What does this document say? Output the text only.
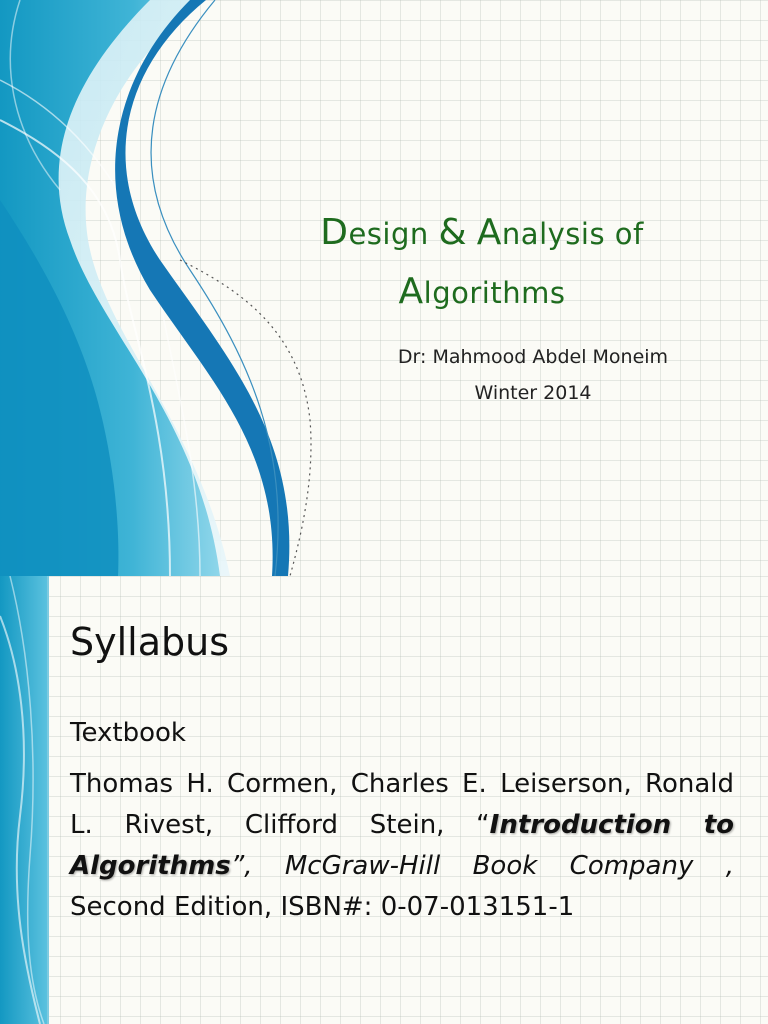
Design & Analysis of
Algorithms
Dr: Mahmood Abdel Moneim
Winter 2014
Syllabus
Textbook
Thomas H. Cormen, Charles E. Leiserson, Ronald L. Rivest, Clifford Stein, “Introduction to Algorithms”, McGraw-Hill Book Company , Second Edition, ISBN#: 0-07-013151-1
